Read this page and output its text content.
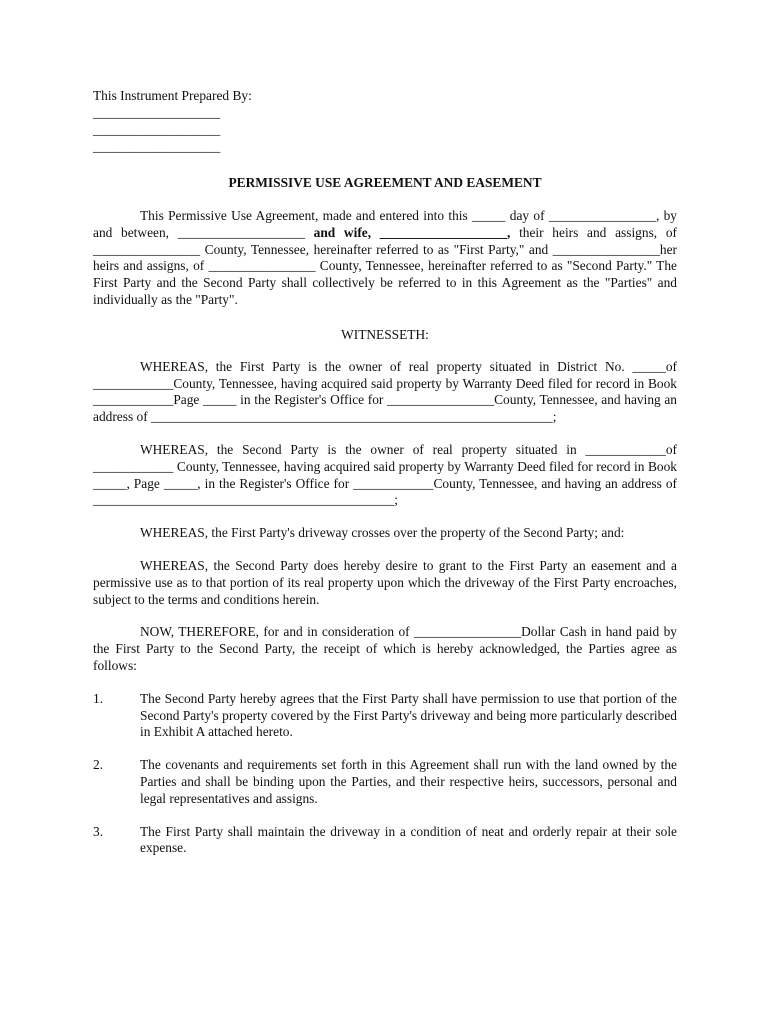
This Instrument Prepared By:
___________________
___________________
___________________
PERMISSIVE USE AGREEMENT AND EASEMENT

This Permissive Use Agreement, made and entered into this _____ day of ________________, by and between, ___________________ and wife, ___________________, their heirs and assigns, of ________________ County, Tennessee, hereinafter referred to as "First Party," and ________________her heirs and assigns, of ________________ County, Tennessee, hereinafter referred to as "Second Party." The First Party and the Second Party shall collectively be referred to in this Agreement as the "Parties" and individually as the "Party".

WITNESSETH:

WHEREAS, the First Party is the owner of real property situated in District No. _____of ____________County, Tennessee, having acquired said property by Warranty Deed filed for record in Book ____________Page _____ in the Register's Office for ________________County, Tennessee, and having an address of ____________________________________________________________;

WHEREAS, the Second Party is the owner of real property situated in ____________of ____________ County, Tennessee, having acquired said property by Warranty Deed filed for record in Book _____, Page _____, in the Register's Office for ____________County, Tennessee, and having an address of _____________________________________________;

WHEREAS, the First Party's driveway crosses over the property of the Second Party; and:

WHEREAS, the Second Party does hereby desire to grant to the First Party an easement and a permissive use as to that portion of its real property upon which the driveway of the First Party encroaches, subject to the terms and conditions herein.

NOW, THEREFORE, for and in consideration of ________________Dollar Cash in hand paid by the First Party to the Second Party, the receipt of which is hereby acknowledged, the Parties agree as follows:

1.	The Second Party hereby agrees that the First Party shall have permission to use that portion of the Second Party's property covered by the First Party's driveway and being more particularly described in Exhibit A attached hereto.
2.	The covenants and requirements set forth in this Agreement shall run with the land owned by the Parties and shall be binding upon the Parties, and their respective heirs, successors, personal and legal representatives and assigns.
3.	The First Party shall maintain the driveway in a condition of neat and orderly repair at their sole expense.
